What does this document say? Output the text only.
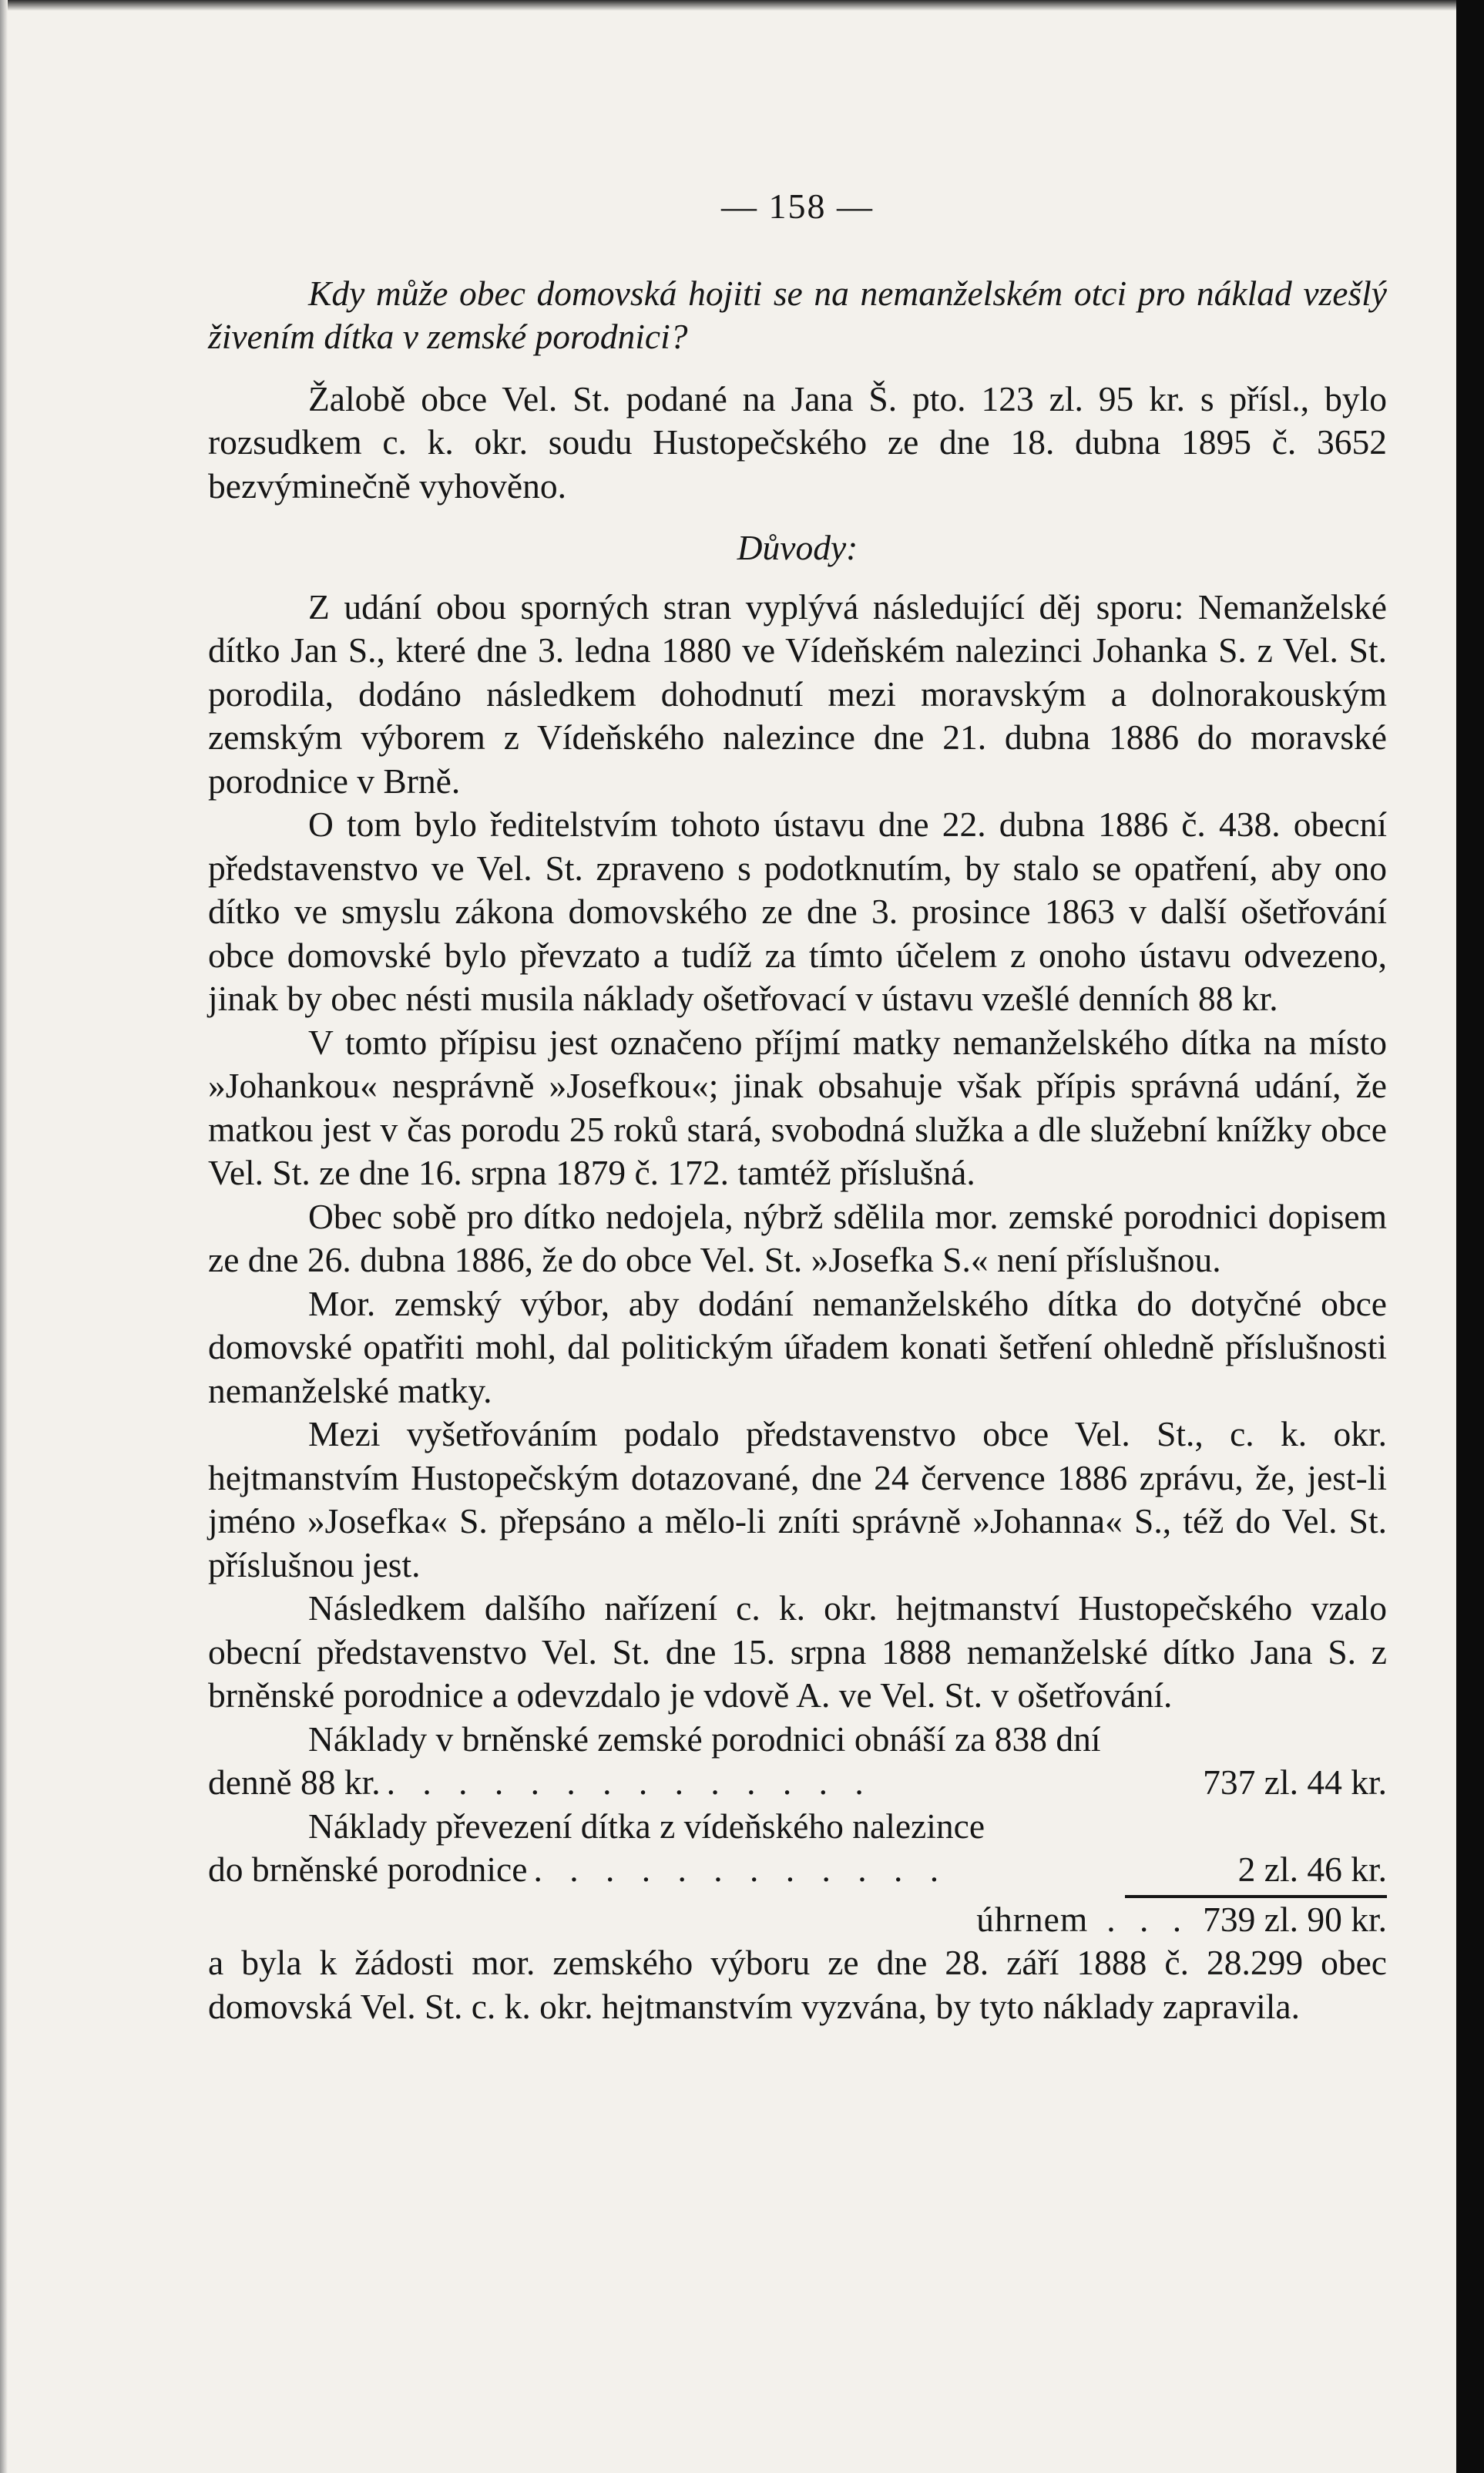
— 158 —

Kdy může obec domovská hojiti se na nemanželském otci pro náklad vzešlý živením dítka v zemské porodnici?

Žalobě obce Vel. St. podané na Jana Š. pto. 123 zl. 95 kr. s přísl., bylo rozsudkem c. k. okr. soudu Hustopečského ze dne 18. dubna 1895 č. 3652 bezvýminečně vyhověno.

Důvody:

Z udání obou sporných stran vyplývá následující děj sporu: Nemanželské dítko Jan S., které dne 3. ledna 1880 ve Vídeňském nalezinci Johanka S. z Vel. St. porodila, dodáno následkem dohodnutí mezi moravským a dolnorakouským zemským výborem z Vídeňského nalezince dne 21. dubna 1886 do moravské porodnice v Brně.

O tom bylo ředitelstvím tohoto ústavu dne 22. dubna 1886 č. 438. obecní představenstvo ve Vel. St. zpraveno s podotknutím, by stalo se opatření, aby ono dítko ve smyslu zákona domovského ze dne 3. prosince 1863 v další ošetřování obce domovské bylo převzato a tudíž za tímto účelem z onoho ústavu odvezeno, jinak by obec nésti musila náklady ošetřovací v ústavu vzešlé denních 88 kr.

V tomto přípisu jest označeno příjmí matky nemanželského dítka na místo »Johankou« nesprávně »Josefkou«; jinak obsahuje však přípis správná udání, že matkou jest v čas porodu 25 roků stará, svobodná služka a dle služební knížky obce Vel. St. ze dne 16. srpna 1879 č. 172. tamtéž příslušná.

Obec sobě pro dítko nedojela, nýbrž sdělila mor. zemské porodnici dopisem ze dne 26. dubna 1886, že do obce Vel. St. »Josefka S.« není příslušnou.

Mor. zemský výbor, aby dodání nemanželského dítka do dotyčné obce domovské opatřiti mohl, dal politickým úřadem konati šetření ohledně příslušnosti nemanželské matky.

Mezi vyšetřováním podalo představenstvo obce Vel. St., c. k. okr. hejtmanstvím Hustopečským dotazované, dne 24 července 1886 zprávu, že, jest-li jméno »Josefka« S. přepsáno a mělo-li zníti správně »Johanna« S., též do Vel. St. příslušnou jest.

Následkem dalšího nařízení c. k. okr. hejtmanství Hustopečského vzalo obecní představenstvo Vel. St. dne 15. srpna 1888 nemanželské dítko Jana S. z brněnské porodnice a odevzdalo je vdově A. ve Vel. St. v ošetřování.

Náklady v brněnské zemské porodnici obnáší za 838 dní

denně 88 kr. . . . . . . . . . . . . . .	737 zl. 44 kr.

Náklady převezení dítka z vídeňského nalezince

do brněnské porodnice . . . . . . . . . . . .	2 zl. 46 kr.
úhrnem . . . 739 zl. 90 kr.

a byla k žádosti mor. zemského výboru ze dne 28. září 1888 č. 28.299 obec domovská Vel. St. c. k. okr. hejtmanstvím vyzvána, by tyto náklady zapravila.
